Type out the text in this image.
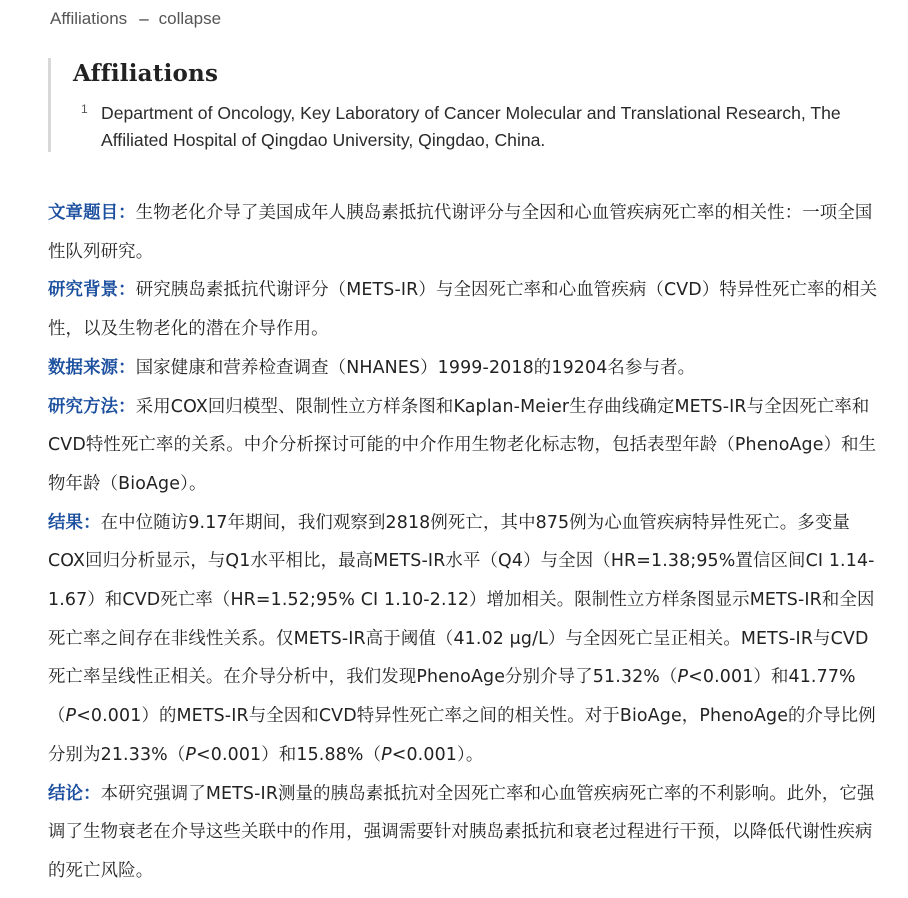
Affiliations – collapse
Affiliations
1 Department of Oncology, Key Laboratory of Cancer Molecular and Translational Research, The Affiliated Hospital of Qingdao University, Qingdao, China.

文章题目：生物老化介导了美国成年人胰岛素抵抗代谢评分与全因和心血管疾病死亡率的相关性：一项全国性队列研究。

研究背景：研究胰岛素抵抗代谢评分（METS-IR）与全因死亡率和心血管疾病（CVD）特异性死亡率的相关性，以及生物老化的潜在介导作用。

数据来源：国家健康和营养检查调查（NHANES）1999-2018的19204名参与者。

研究方法：采用COX回归模型、限制性立方样条图和Kaplan-Meier生存曲线确定METS-IR与全因死亡率和CVD特性死亡率的关系。中介分析探讨可能的中介作用生物老化标志物，包括表型年龄（PhenoAge）和生物年龄（BioAge）。

结果：在中位随访9.17年期间，我们观察到2818例死亡，其中875例为心血管疾病特异性死亡。多变量COX回归分析显示，与Q1水平相比，最高METS-IR水平（Q4）与全因（HR=1.38;95%置信区间CI 1.14-1.67）和CVD死亡率（HR=1.52;95% CI 1.10-2.12）增加相关。限制性立方样条图显示METS-IR和全因死亡率之间存在非线性关系。仅METS-IR高于阈值（41.02 μg/L）与全因死亡呈正相关。METS-IR与CVD死亡率呈线性正相关。在介导分析中，我们发现PhenoAge分别介导了51.32%（P<0.001）和41.77%（P<0.001）的METS-IR与全因和CVD特异性死亡率之间的相关性。对于BioAge，PhenoAge的介导比例分别为21.33%（P<0.001）和15.88%（P<0.001）。

结论：本研究强调了METS-IR测量的胰岛素抵抗对全因死亡率和心血管疾病死亡率的不利影响。此外，它强调了生物衰老在介导这些关联中的作用，强调需要针对胰岛素抵抗和衰老过程进行干预，以降低代谢性疾病的死亡风险。
